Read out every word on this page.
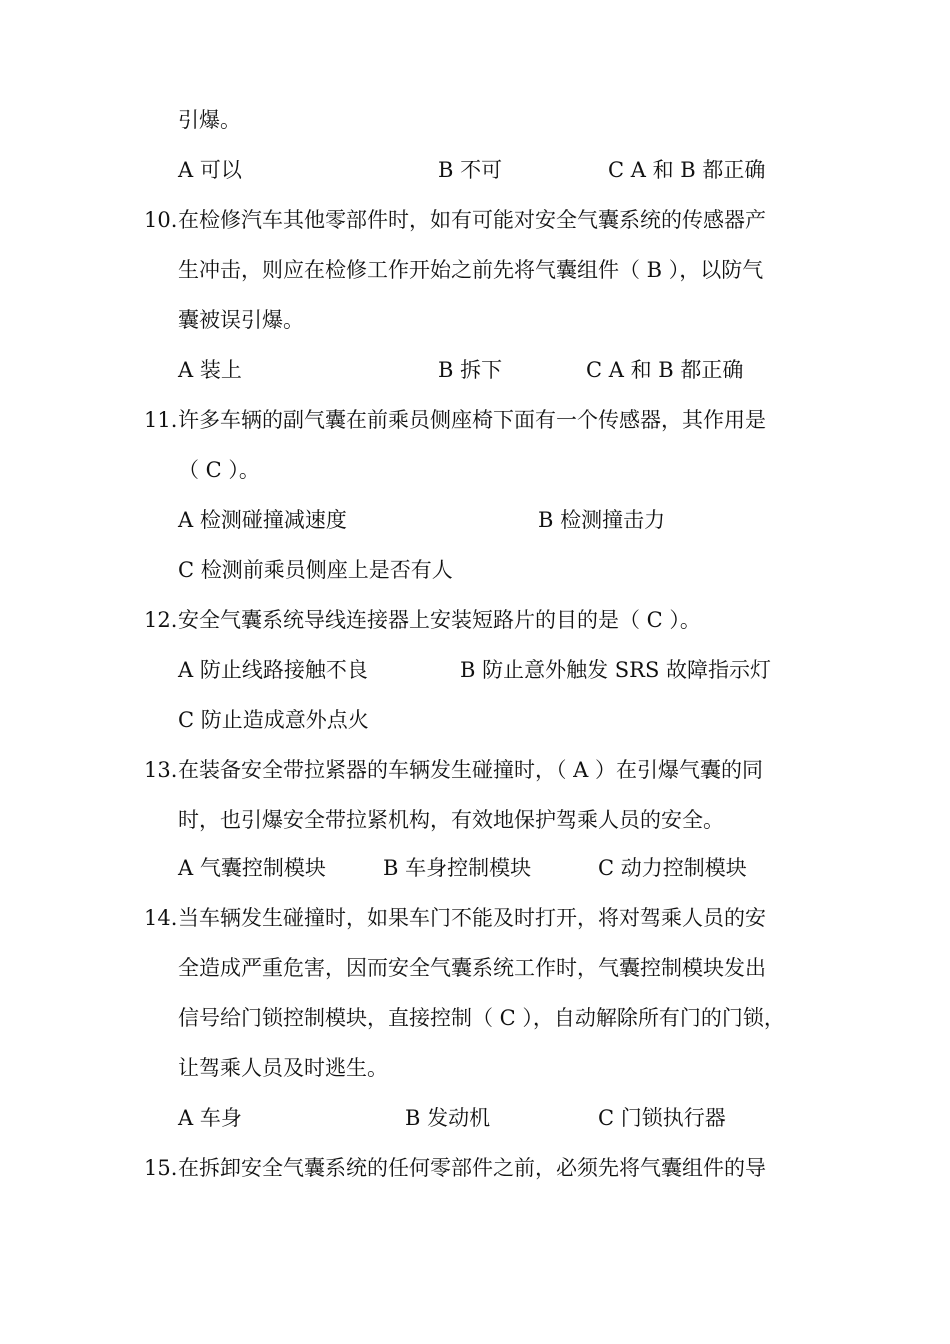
引爆。
A 可以	B 不可	C A 和 B 都正确
10. 在检修汽车其他零部件时，如有可能对安全气囊系统的传感器产
生冲击，则应在检修工作开始之前先将气囊组件（ B ），以防气
囊被误引爆。
A 装上	B 拆下	C A 和 B 都正确
11. 许多车辆的副气囊在前乘员侧座椅下面有一个传感器，其作用是
（ C ）。
A 检测碰撞减速度	B 检测撞击力
C 检测前乘员侧座上是否有人
12. 安全气囊系统导线连接器上安装短路片的目的是（ C ）。
A 防止线路接触不良	B 防止意外触发 SRS 故障指示灯
C 防止造成意外点火
13. 在装备安全带拉紧器的车辆发生碰撞时，（ A ）在引爆气囊的同
时，也引爆安全带拉紧机构，有效地保护驾乘人员的安全。
A 气囊控制模块	B 车身控制模块	C 动力控制模块
14. 当车辆发生碰撞时，如果车门不能及时打开，将对驾乘人员的安
全造成严重危害，因而安全气囊系统工作时，气囊控制模块发出
信号给门锁控制模块，直接控制（ C ），自动解除所有门的门锁，
让驾乘人员及时逃生。
A 车身	B 发动机	C 门锁执行器
15. 在拆卸安全气囊系统的任何零部件之前，必须先将气囊组件的导
